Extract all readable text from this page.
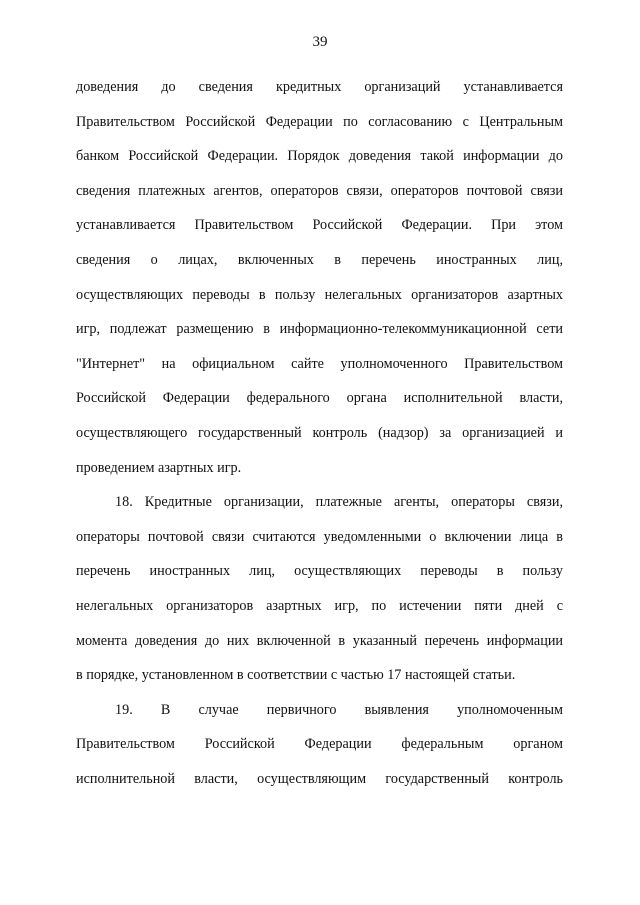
39
доведения до сведения кредитных организаций устанавливается
Правительством Российской Федерации по согласованию с Центральным
банком Российской Федерации. Порядок доведения такой информации до
сведения платежных агентов, операторов связи, операторов почтовой связи
устанавливается Правительством Российской Федерации. При этом
сведения о лицах, включенных в перечень иностранных лиц,
осуществляющих переводы в пользу нелегальных организаторов азартных
игр, подлежат размещению в информационно-телекоммуникационной сети
"Интернет" на официальном сайте уполномоченного Правительством
Российской Федерации федерального органа исполнительной власти,
осуществляющего государственный контроль (надзор) за организацией и
проведением азартных игр.
18. Кредитные организации, платежные агенты, операторы связи,
операторы почтовой связи считаются уведомленными о включении лица в
перечень иностранных лиц, осуществляющих переводы в пользу
нелегальных организаторов азартных игр, по истечении пяти дней с
момента доведения до них включенной в указанный перечень информации
в порядке, установленном в соответствии с частью 17 настоящей статьи.
19. В случае первичного выявления уполномоченным
Правительством Российской Федерации федеральным органом
исполнительной власти, осуществляющим государственный контроль
